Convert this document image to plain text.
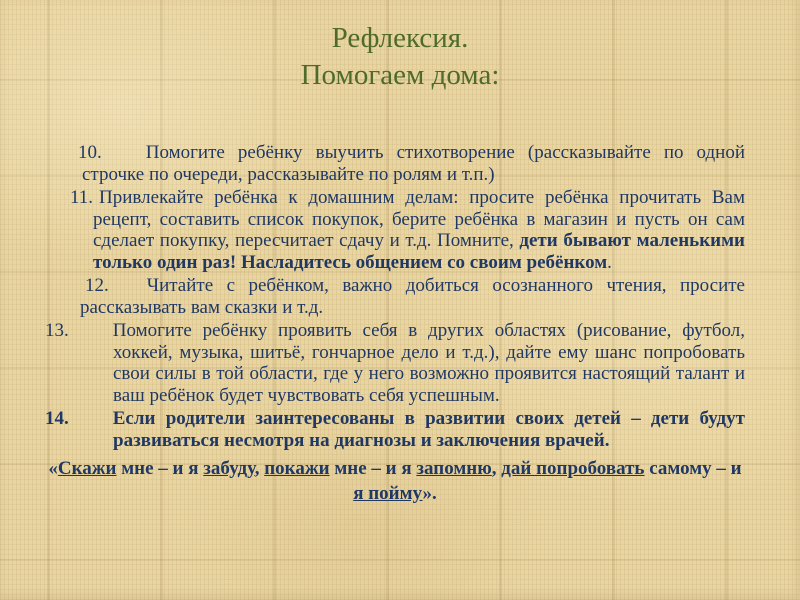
Рефлексия.
Помогаем дома:
10. Помогите ребёнку выучить стихотворение (рассказывайте по одной строчке по очереди, рассказывайте по ролям и т.п.)
11. Привлекайте ребёнка к домашним делам: просите ребёнка прочитать Вам рецепт, составить список покупок, берите ребёнка в магазин и пусть он сам сделает покупку, пересчитает сдачу и т.д. Помните, дети бывают маленькими только один раз! Насладитесь общением со своим ребёнком.
12. Читайте с ребёнком, важно добиться осознанного чтения, просите рассказывать вам сказки и т.д.
13. Помогите ребёнку проявить себя в других областях (рисование, футбол, хоккей, музыка, шитьё, гончарное дело и т.д.), дайте ему шанс попробовать свои силы в той области, где у него возможно проявится настоящий талант и ваш ребёнок будет чувствовать себя успешным.
14. Если родители заинтересованы в развитии своих детей – дети будут развиваться несмотря на диагнозы и заключения врачей.
«Скажи мне – и я забуду, покажи мне – и я запомню, дай попробовать самому – и я пойму».
